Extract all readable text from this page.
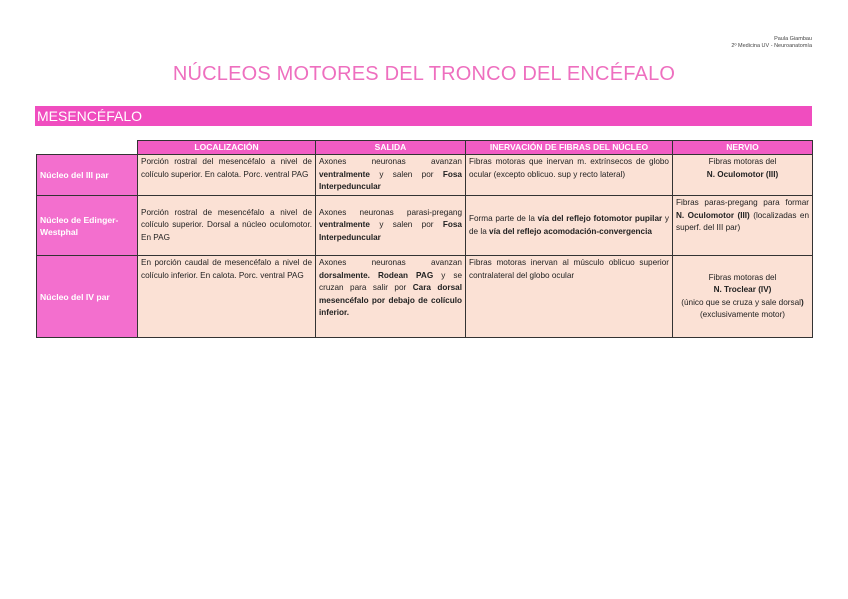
Paula Giambau
2º Medicina UV - Neuroanatomía
NÚCLEOS MOTORES DEL TRONCO DEL ENCÉFALO
MESENCÉFALO
	LOCALIZACIÓN	SALIDA	INERVACIÓN DE FIBRAS DEL NÚCLEO	NERVIO
Núcleo del III par	Porción rostral del mesencéfalo a nivel de colículo superior. En calota. Porc. ventral PAG	Axones neuronas avanzan ventralmente y salen por Fosa Interpeduncular	Fibras motoras que inervan m. extrínsecos de globo ocular (excepto oblicuo. sup y recto lateral)	Fibras motoras del
N. Oculomotor (III)
Núcleo de Edinger-Westphal	Porción rostral de mesencéfalo a nivel de colículo superior. Dorsal a núcleo oculomotor. En PAG	Axones neuronas parasi-pregang ventralmente y salen por Fosa Interpeduncular	Forma parte de la vía del reflejo fotomotor pupilar y de la vía del reflejo acomodación-convergencia	Fibras paras-pregang para formar N. Oculomotor (III) (localizadas en superf. del III par)
Núcleo del IV par	En porción caudal de mesencéfalo a nivel de colículo inferior. En calota. Porc. ventral PAG	Axones neuronas avanzan dorsalmente. Rodean PAG y se cruzan para salir por Cara dorsal mesencéfalo por debajo de colículo inferior.	Fibras motoras inervan al músculo oblicuo superior contralateral del globo ocular	Fibras motoras del
N. Troclear (IV)
(único que se cruza y sale dorsal)
(exclusivamente motor)
